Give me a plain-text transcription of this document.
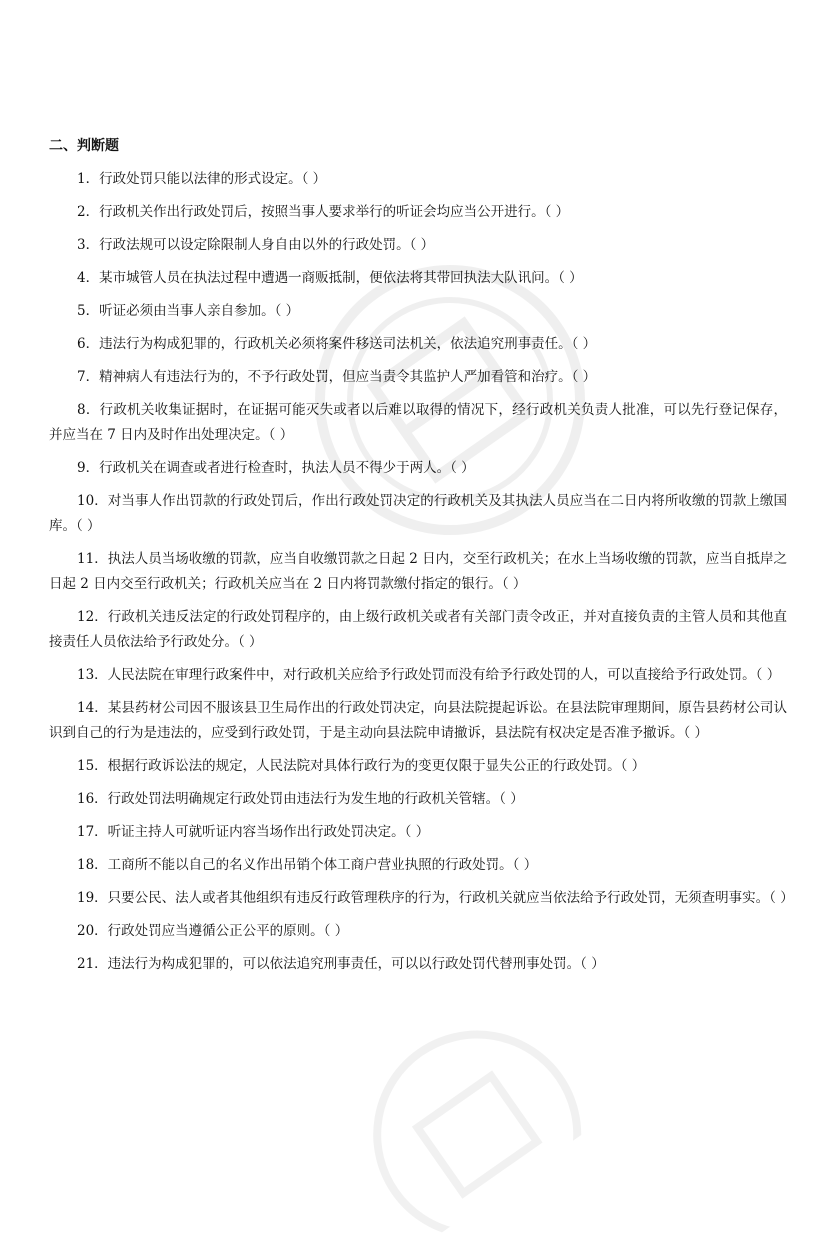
二、判断题
1．行政处罚只能以法律的形式设定。（ ）
2．行政机关作出行政处罚后，按照当事人要求举行的听证会均应当公开进行。（ ）
3．行政法规可以设定除限制人身自由以外的行政处罚。（ ）
4．某市城管人员在执法过程中遭遇一商贩抵制，便依法将其带回执法大队讯问。（ ）
5．听证必须由当事人亲自参加。（ ）
6．违法行为构成犯罪的，行政机关必须将案件移送司法机关，依法追究刑事责任。（ ）
7．精神病人有违法行为的，不予行政处罚，但应当责令其监护人严加看管和治疗。（ ）
8．行政机关收集证据时，在证据可能灭失或者以后难以取得的情况下，经行政机关负责人批准，可以先行登记保存，并应当在 7 日内及时作出处理决定。（ ）
9．行政机关在调查或者进行检查时，执法人员不得少于两人。（ ）
10．对当事人作出罚款的行政处罚后，作出行政处罚决定的行政机关及其执法人员应当在二日内将所收缴的罚款上缴国库。（ ）
11．执法人员当场收缴的罚款，应当自收缴罚款之日起 2 日内，交至行政机关；在水上当场收缴的罚款，应当自抵岸之日起 2 日内交至行政机关；行政机关应当在 2 日内将罚款缴付指定的银行。（ ）
12．行政机关违反法定的行政处罚程序的，由上级行政机关或者有关部门责令改正，并对直接负责的主管人员和其他直接责任人员依法给予行政处分。（ ）
13．人民法院在审理行政案件中，对行政机关应给予行政处罚而没有给予行政处罚的人，可以直接给予行政处罚。（ ）
14．某县药材公司因不服该县卫生局作出的行政处罚决定，向县法院提起诉讼。在县法院审理期间，原告县药材公司认识到自己的行为是违法的，应受到行政处罚，于是主动向县法院申请撤诉，县法院有权决定是否准予撤诉。（ ）
15．根据行政诉讼法的规定，人民法院对具体行政行为的变更仅限于显失公正的行政处罚。（ ）
16．行政处罚法明确规定行政处罚由违法行为发生地的行政机关管辖。（ ）
17．听证主持人可就听证内容当场作出行政处罚决定。（ ）
18．工商所不能以自己的名义作出吊销个体工商户营业执照的行政处罚。（ ）
19．只要公民、法人或者其他组织有违反行政管理秩序的行为，行政机关就应当依法给予行政处罚，无须查明事实。（ ）
20．行政处罚应当遵循公正公平的原则。（ ）
21．违法行为构成犯罪的，可以依法追究刑事责任，可以以行政处罚代替刑事处罚。（ ）
